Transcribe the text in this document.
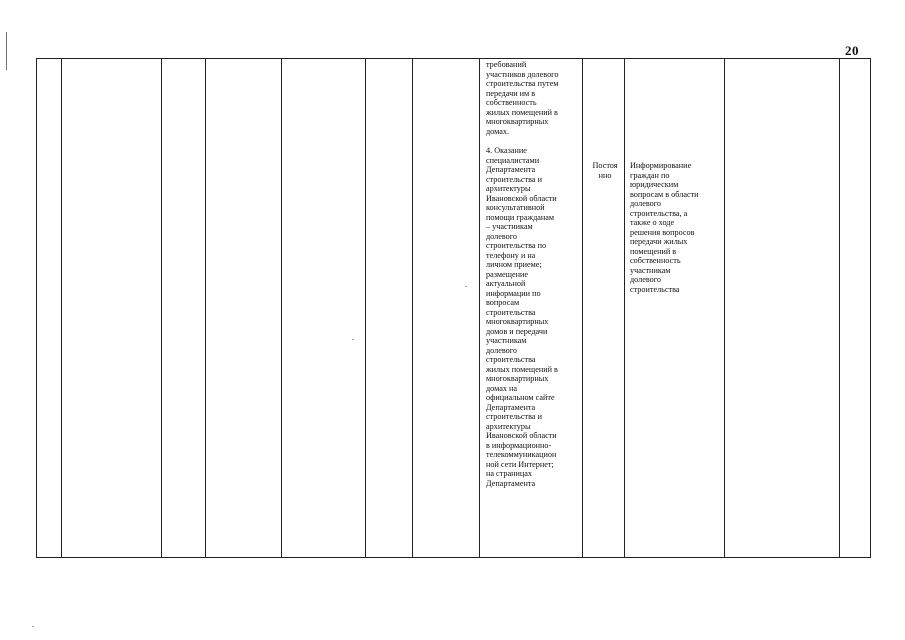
20

требований
участников долевого
строительства путем
передачи им в
собственность
жилых помещений в
многоквартирных
домах.
4. Оказание
специалистами
Департамента
строительства и
архитектуры
Ивановской области
консультативной
помощи гражданам
– участникам
долевого
строительства по
телефону и на
личном приеме;
размещение
актуальной
информации по
вопросам
строительства
многоквартирных
домов и передачи
участникам
долевого
строительства
жилых помещений в
многоквартирных
домах на
официальном сайте
Департамента
строительства и
архитектуры
Ивановской области
в информационно-
телекоммуникацион
ной сети Интернет;
на страницах
Департамента

Постоя
нно

Информирование
граждан по
юридическим
вопросам в области
долевого
строительства, а
также о ходе
решения вопросов
передачи жилых
помещений в
собственность
участникам
долевого
строительства
